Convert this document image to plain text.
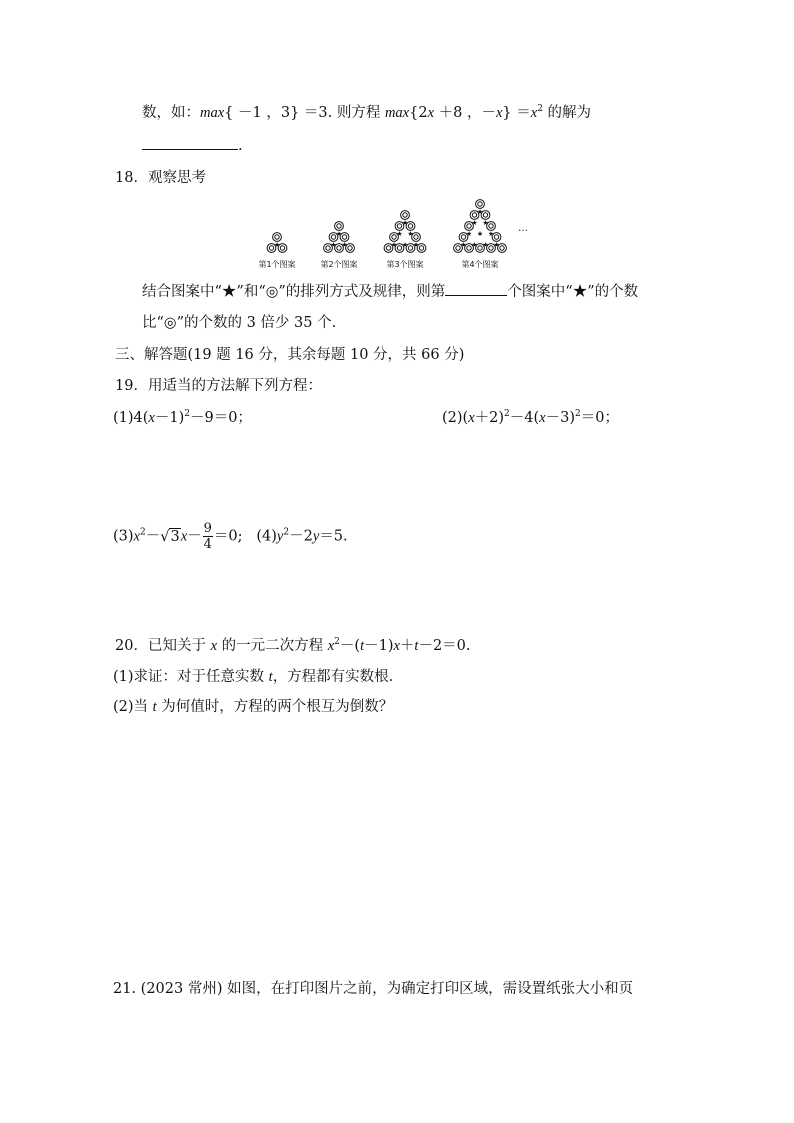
数，如：max{ －1 ，3} ＝3. 则方程 max{2x ＋8 ，$-x\} =x^2$ 的解为
.
18．观察思考
★
★
★ ★
★
★ ★
★ ★ ★
★
★ ★
★ ★ ★
★ ★ ★ ★
第1个图案	第2个图案	第3个图案	第4个图案
…
结合图案中“★”和“◎”的排列方式及规律，则第	个图案中“★”的个数
比“◎”的个数的 3 倍少 35 个.
三、解答题(19 题 16 分，其余每题 10 分，共 66 分)
19．用适当的方法解下列方程：
$(1)4(x-1)^2-9=0$；	$(2)(x+2)^2-4(x-3)^2=0$；
$(3)x^2-√3x- \frac{9}{4} =0$; $(4)y^2-2y=5$.
20．已知关于 x 的一元二次方程 $x^2-(t-1)x+t-2=0$.
(1)求证：对于任意实数 t，方程都有实数根.
(2)当 t 为何值时，方程的两个根互为倒数？
21. (2023 常州) 如图，在打印图片之前，为确定打印区域，需设置纸张大小和页
